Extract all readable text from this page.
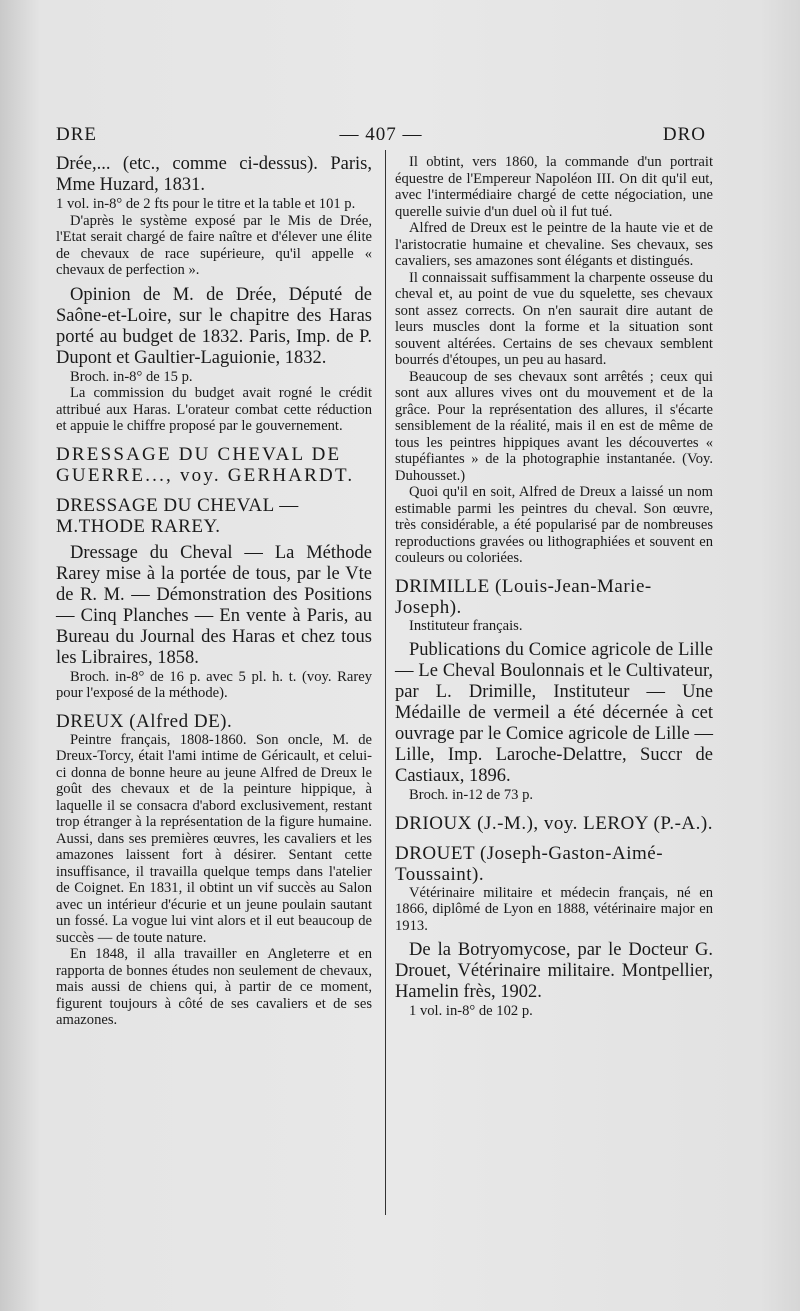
DRE	— 407 —	DRO

Drée,... (etc., comme ci-dessus). Paris, Mme Huzard, 1831.

1 vol. in-8° de 2 fts pour le titre et la table et 101 p.

D'après le système exposé par le Mis de Drée, l'Etat serait chargé de faire naître et d'élever une élite de chevaux de race supérieure, qu'il appelle « chevaux de perfection ».

Opinion de M. de Drée, Député de Saône-et-Loire, sur le chapitre des Haras porté au budget de 1832. Paris, Imp. de P. Dupont et Gaultier-Laguionie, 1832.

Broch. in-8° de 15 p.

La commission du budget avait rogné le crédit attribué aux Haras. L'orateur combat cette réduction et appuie le chiffre proposé par le gouvernement.

DRESSAGE DU CHEVAL DE GUERRE..., voy. GERHARDT.

DRESSAGE DU CHEVAL — M.THODE RAREY.

Dressage du Cheval — La Méthode Rarey mise à la portée de tous, par le Vte de R. M. — Démonstration des Positions — Cinq Planches — En vente à Paris, au Bureau du Journal des Haras et chez tous les Libraires, 1858.

Broch. in-8° de 16 p. avec 5 pl. h. t. (voy. Rarey pour l'exposé de la méthode).

DREUX (Alfred DE).

Peintre français, 1808-1860. Son oncle, M. de Dreux-Torcy, était l'ami intime de Géricault, et celui-ci donna de bonne heure au jeune Alfred de Dreux le goût des chevaux et de la peinture hippique, à laquelle il se consacra d'abord exclusivement, restant trop étranger à la représentation de la figure humaine. Aussi, dans ses premières œuvres, les cavaliers et les amazones laissent fort à désirer. Sentant cette insuffisance, il travailla quelque temps dans l'atelier de Coignet. En 1831, il obtint un vif succès au Salon avec un intérieur d'écurie et un jeune poulain sautant un fossé. La vogue lui vint alors et il eut beaucoup de succès — de toute nature.

En 1848, il alla travailler en Angleterre et en rapporta de bonnes études non seulement de chevaux, mais aussi de chiens qui, à partir de ce moment, figurent toujours à côté de ses cavaliers et de ses amazones.

Il obtint, vers 1860, la commande d'un portrait équestre de l'Empereur Napoléon III. On dit qu'il eut, avec l'intermédiaire chargé de cette négociation, une querelle suivie d'un duel où il fut tué.

Alfred de Dreux est le peintre de la haute vie et de l'aristocratie humaine et chevaline. Ses chevaux, ses cavaliers, ses amazones sont élégants et distingués.

Il connaissait suffisamment la charpente osseuse du cheval et, au point de vue du squelette, ses chevaux sont assez corrects. On n'en saurait dire autant de leurs muscles dont la forme et la situation sont souvent altérées. Certains de ses chevaux semblent bourrés d'étoupes, un peu au hasard.

Beaucoup de ses chevaux sont arrêtés ; ceux qui sont aux allures vives ont du mouvement et de la grâce. Pour la représentation des allures, il s'écarte sensiblement de la réalité, mais il en est de même de tous les peintres hippiques avant les découvertes « stupéfiantes » de la photographie instantanée. (Voy. Duhousset.)

Quoi qu'il en soit, Alfred de Dreux a laissé un nom estimable parmi les peintres du cheval. Son œuvre, très considérable, a été popularisé par de nombreuses reproductions gravées ou lithographiées et souvent en couleurs ou coloriées.

DRIMILLE (Louis-Jean-Marie-Joseph).

Instituteur français.

Publications du Comice agricole de Lille — Le Cheval Boulonnais et le Cultivateur, par L. Drimille, Instituteur — Une Médaille de vermeil a été décernée à cet ouvrage par le Comice agricole de Lille — Lille, Imp. Laroche-Delattre, Succr de Castiaux, 1896.

Broch. in-12 de 73 p.

DRIOUX (J.-M.), voy. LEROY (P.-A.).

DROUET (Joseph-Gaston-Aimé-Toussaint).

Vétérinaire militaire et médecin français, né en 1866, diplômé de Lyon en 1888, vétérinaire major en 1913.

De la Botryomycose, par le Docteur G. Drouet, Vétérinaire militaire. Montpellier, Hamelin frès, 1902.

1 vol. in-8° de 102 p.
